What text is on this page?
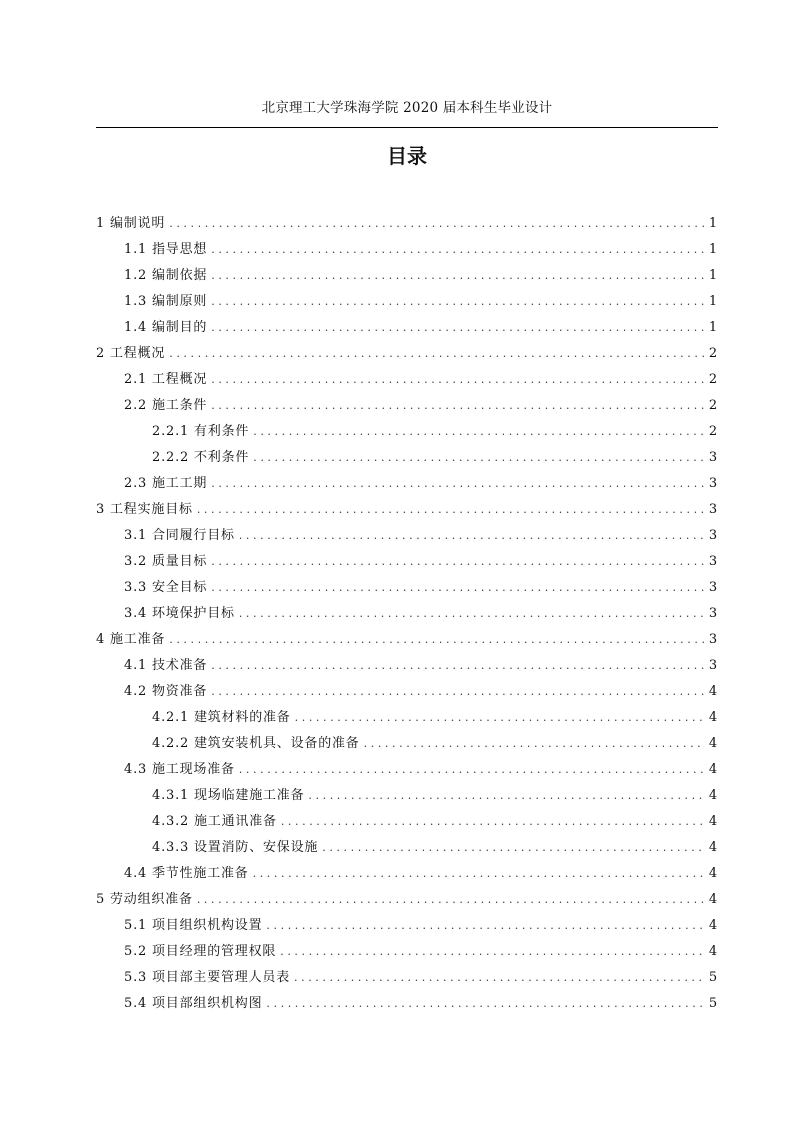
北京理工大学珠海学院 2020 届本科生毕业设计
目录
1 编制说明 .....	1
1.1 指导思想 .....	1
1.2 编制依据 .....	1
1.3 编制原则 .....	1
1.4 编制目的 .....	1
2 工程概况 .....	2
2.1 工程概况 .....	2
2.2 施工条件 .....	2
2.2.1 有利条件 .....	2
2.2.2 不利条件 .....	3
2.3 施工工期 .....	3
3 工程实施目标 .....	3
3.1 合同履行目标 .....	3
3.2 质量目标 .....	3
3.3 安全目标 .....	3
3.4 环境保护目标 .....	3
4 施工准备 .....	3
4.1 技术准备 .....	3
4.2 物资准备 .....	4
4.2.1 建筑材料的准备 .....	4
4.2.2 建筑安装机具、设备的准备 .....	4
4.3 施工现场准备 .....	4
4.3.1 现场临建施工准备 .....	4
4.3.2 施工通讯准备 .....	4
4.3.3 设置消防、安保设施 .....	4
4.4 季节性施工准备 .....	4
5 劳动组织准备 .....	4
5.1 项目组织机构设置 .....	4
5.2 项目经理的管理权限 .....	4
5.3 项目部主要管理人员表 .....	5
5.4 项目部组织机构图 .....	5
